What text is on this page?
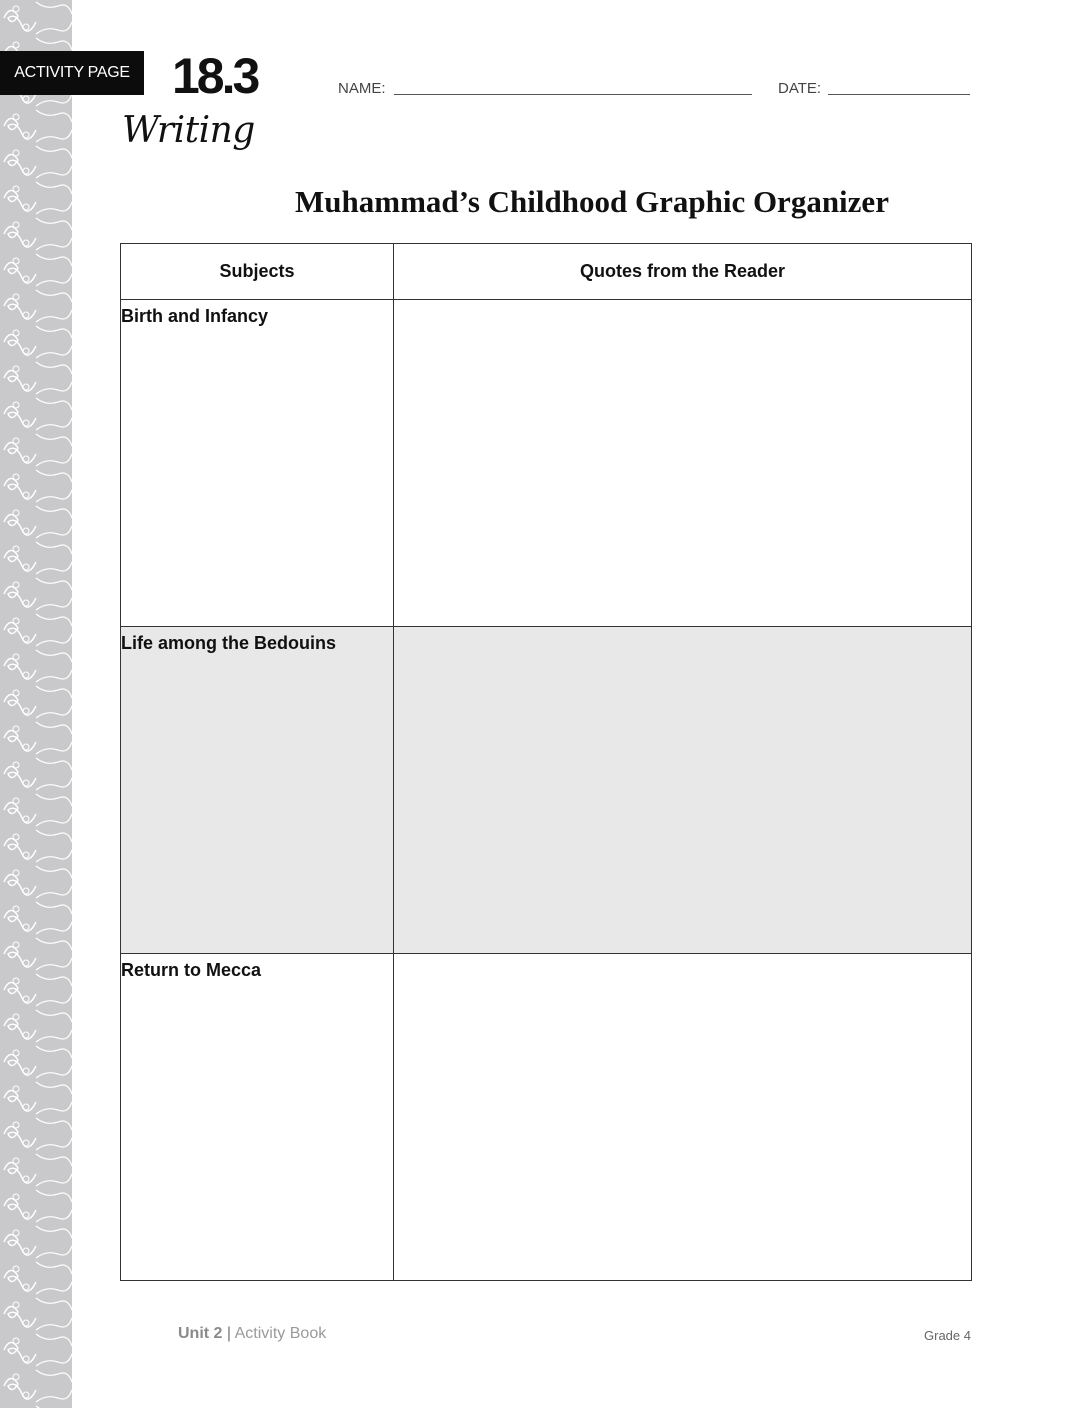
ACTIVITY PAGE 18.3
Writing
NAME:	DATE:
Muhammad’s Childhood Graphic Organizer
Subjects	Quotes from the Reader

Birth and Infancy	

Life among the Bedouins	

Return to Mecca	

Unit 2 | Activity Book	Grade 4
